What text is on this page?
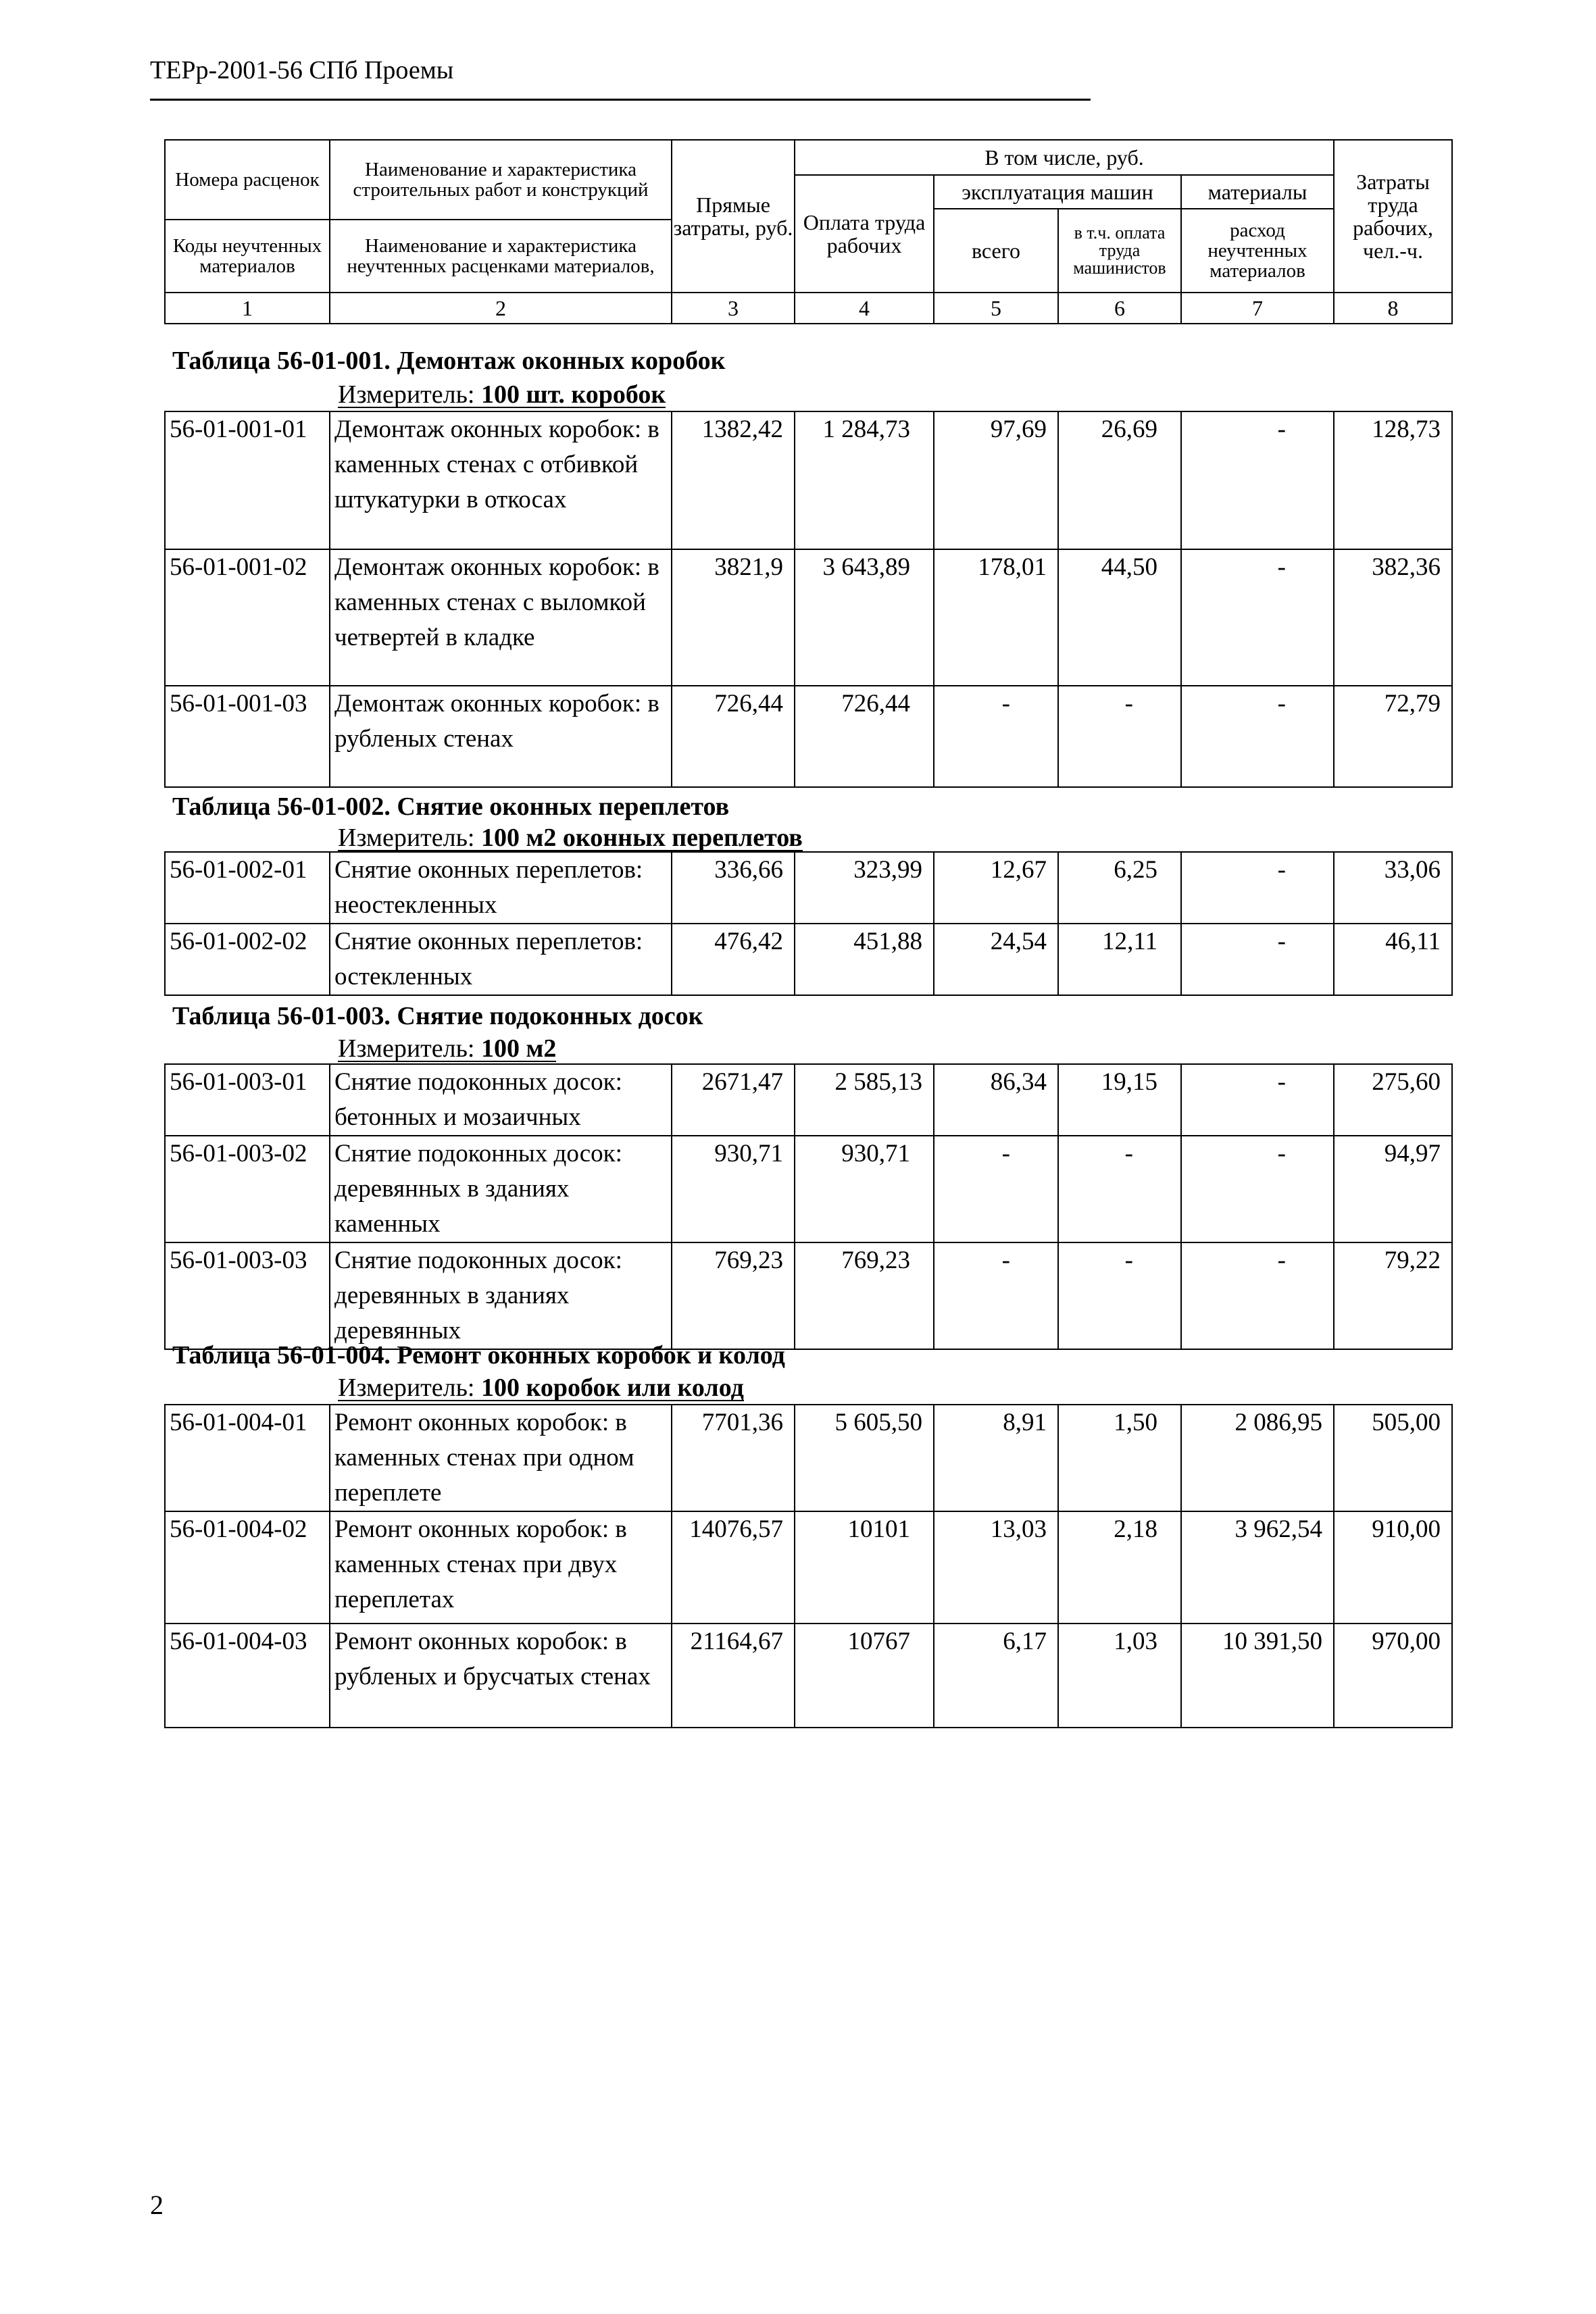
ТЕРр-2001-56 СПб Проемы
Номера расценок	Наименование и характеристика строительных работ и конструкций	Прямые затраты, руб.	В том числе, руб.				Затраты труда рабочих, чел.-ч.
			Оплата труда рабочих	эксплуатация машин		материалы	
				всего	в т.ч. оплата труда машинистов	расход неучтенных материалов	
Коды неучтенных материалов	Наименование и характеристика неучтенных расценками материалов,						

1	2	3	4	5	6	7	8
Таблица 56-01-001. Демонтаж оконных коробок
Измеритель: 100 шт. коробок
56-01-001-01	Демонтаж оконных коробок: в каменных стенах с отбивкой штукатурки в откосах	1382,42	1 284,73	97,69	26,69	-	128,73
56-01-001-02	Демонтаж оконных коробок: в каменных стенах с выломкой четвертей в кладке	3821,9	3 643,89	178,01	44,50	-	382,36
56-01-001-03	Демонтаж оконных коробок: в рубленых стенах	726,44	726,44	-	-	-	72,79
Таблица 56-01-002. Снятие оконных переплетов
Измеритель: 100 м2 оконных переплетов
56-01-002-01	Снятие оконных переплетов: неостекленных	336,66	323,99	12,67	6,25	-	33,06
56-01-002-02	Снятие оконных переплетов: остекленных	476,42	451,88	24,54	12,11	-	46,11
Таблица 56-01-003. Снятие подоконных досок
Измеритель: 100 м2
56-01-003-01	Снятие подоконных досок: бетонных и мозаичных	2671,47	2 585,13	86,34	19,15	-	275,60
56-01-003-02	Снятие подоконных досок: деревянных в зданиях каменных	930,71	930,71	-	-	-	94,97
56-01-003-03	Снятие подоконных досок: деревянных в зданиях деревянных	769,23	769,23	-	-	-	79,22
Таблица 56-01-004. Ремонт оконных коробок и колод
Измеритель: 100 коробок или колод
56-01-004-01	Ремонт оконных коробок: в каменных стенах при одном переплете	7701,36	5 605,50	8,91	1,50	2 086,95	505,00
56-01-004-02	Ремонт оконных коробок: в каменных стенах при двух переплетах	14076,57	10101	13,03	2,18	3 962,54	910,00
56-01-004-03	Ремонт оконных коробок: в рубленых и брусчатых стенах	21164,67	10767	6,17	1,03	10 391,50	970,00
2
